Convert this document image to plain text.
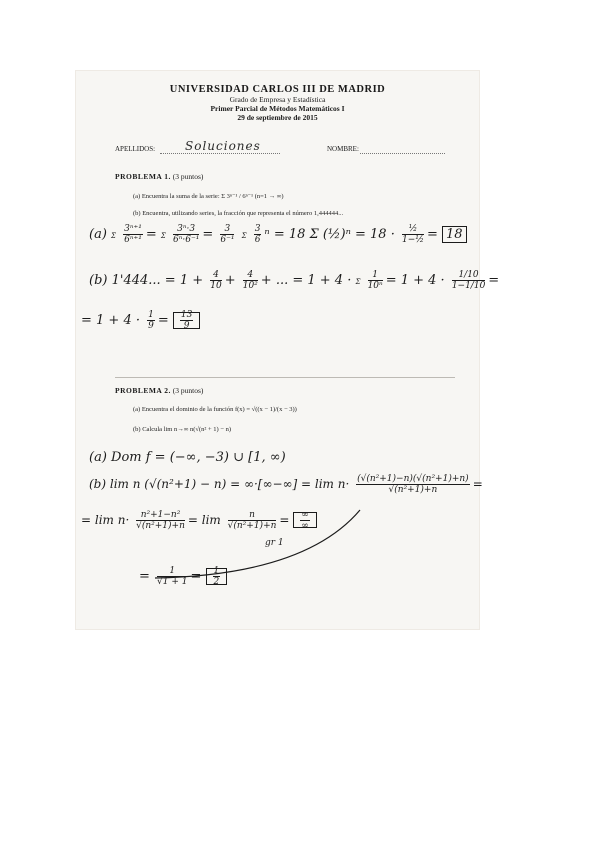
UNIVERSIDAD CARLOS III DE MADRID
Grado de Empresa y Estadística
Primer Parcial de Métodos Matemáticos I
29 de septiembre de 2015
APELLIDOS: Soluciones	NOMBRE:
PROBLEMA 1. (3 puntos)
(a) Encuentra la suma de la serie: Σ 3ⁿ⁻¹ / 6ⁿ⁻¹ (n=1 → ∞)
(b) Encuentra, utilizando series, la fracción que representa el número 1,444444...
(a) Σ $\frac{\text{3ⁿ⁺¹}}{\text{6ⁿ⁺¹}} = \Sigma \frac{\text{3ⁿ·3}}{\text{6ⁿ·6⁻¹}} = \frac{3}{\text{6⁻¹}}$ Σ $\frac{3}{6}$ ⁿ = 18 Σ (½)ⁿ = $18 \cdot \frac{\text{½}}{\text{1−½}} = 18$
(b) 1'444... = $1 + \frac{4}{10} + \frac{4}{\text{10²}}$ + ... = 1 + 4 · Σ $\frac{1}{\text{10ⁿ}} = 1 + 4 \cdot \frac{1/10}{1-1/10}$ =
= $1 + 4 \cdot \frac{1}{9} = \frac{13}{9}$
PROBLEMA 2. (3 puntos)
(a) Encuentra el dominio de la función f(x) = √((x − 1)/(x − 3))
(b) Calcula lim n→∞ n(√(n² + 1) − n)
(a) Dom f = (−∞, −3) ∪ [1, ∞)
(b) lim n (√(n²+1) − n) = ∞·[∞−∞] = $\lim n\cdot \frac{\text{(√(n²+1)−n)(√(n²+1)+n)}}{\text{√(n²+1)+n}}$ =
= $\lim n\cdot \frac{\text{n²+1−n²}}{\text{√(n²+1)+n}} = \lim \frac{n}{\text{√(n²+1)+n}} = \frac{\infty}{\infty}$
gr 1
= $\frac{1}{√1 + 1} = \frac{1}{2}$
